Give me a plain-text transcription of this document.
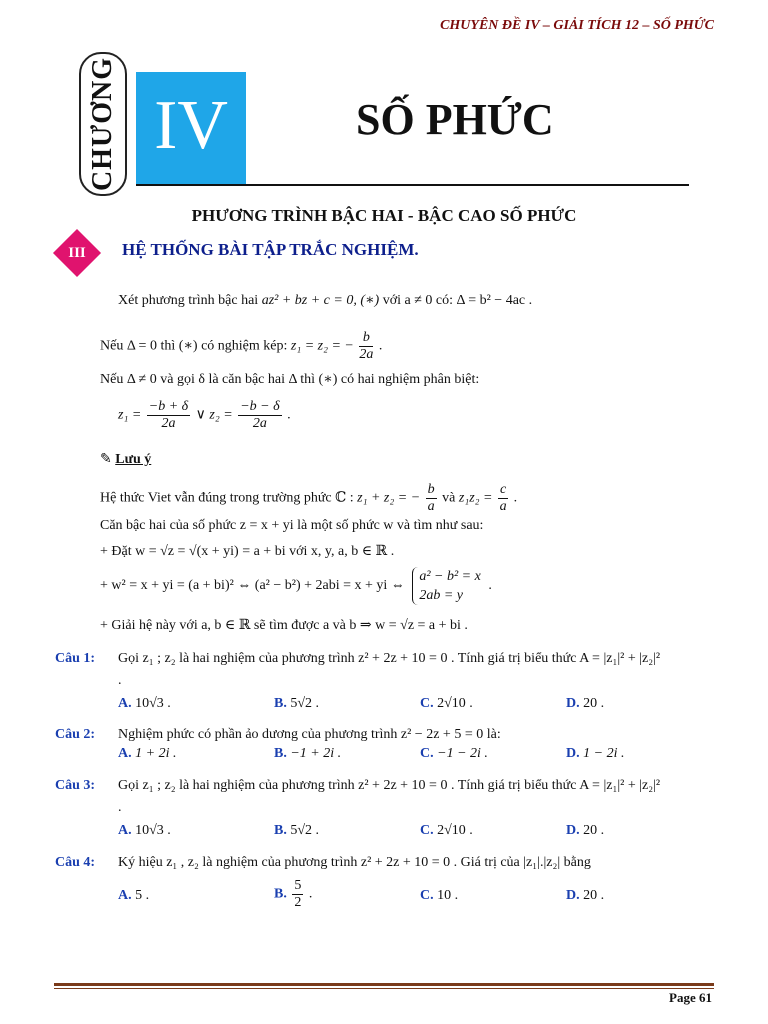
CHUYÊN ĐỀ IV – GIẢI TÍCH 12 – SỐ PHỨC
CHƯƠNG IV	SỐ PHỨC
PHƯƠNG TRÌNH BẬC HAI - BẬC CAO SỐ PHỨC
III	HỆ THỐNG BÀI TẬP TRẮC NGHIỆM.
Xét phương trình bậc hai az² + bz + c = 0, (∗) với a ≠ 0 có: Δ = b² − 4ac .
Nếu Δ = 0 thì (∗) có nghiệm kép: z₁ = z₂ = − $\frac{b}{2a}$ .
Nếu Δ ≠ 0 và gọi δ là căn bậc hai Δ thì (∗) có hai nghiệm phân biệt:
$z_1 = \frac{-b + \delta}{2a}$ ∨ $z_2 = \frac{-b - \delta}{2a}$ .
✎ Lưu ý
Hệ thức Viet vẫn đúng trong trường phức ℂ : z₁ + z₂ = − $\frac{b}{a}$ và $z_1z_2 = \frac{c}{a}$ .
Căn bậc hai của số phức z = x + yi là một số phức w và tìm như sau:
+ Đặt w = √z = √(x + yi) = a + bi với x, y, a, b ∈ ℝ .
+ w² = x + yi = (a + bi)² ⇔ (a² − b²) + 2abi = x + yi ⇔
a² − b² = x
2ab = y
.
+ Giải hệ này với a, b ∈ ℝ sẽ tìm được a và b ⇒ w = √z = a + bi .
Câu 1: Gọi z₁ ; z₂ là hai nghiệm của phương trình z² + 2z + 10 = 0 . Tính giá trị biểu thức A = |z₁|² + |z₂|²
.
A. 10√3 .	B. 5√2 .	C. 2√10 .	D. 20 .
Câu 2: Nghiệm phức có phần ảo dương của phương trình z² − 2z + 5 = 0 là:
A. 1 + 2i .	B. −1 + 2i .	C. −1 − 2i .	D. 1 − 2i .
Câu 3: Gọi z₁ ; z₂ là hai nghiệm của phương trình z² + 2z + 10 = 0 . Tính giá trị biểu thức A = |z₁|² + |z₂|²
.
A. 10√3 .	B. 5√2 .	C. 2√10 .	D. 20 .
Câu 4: Ký hiệu z₁ , z₂ là nghiệm của phương trình z² + 2z + 10 = 0 . Giá trị của |z₁|.|z₂| bằng
A. 5 .	B. $\frac{5}{2}$ .	C. 10 .	D. 20 .
Page 61
